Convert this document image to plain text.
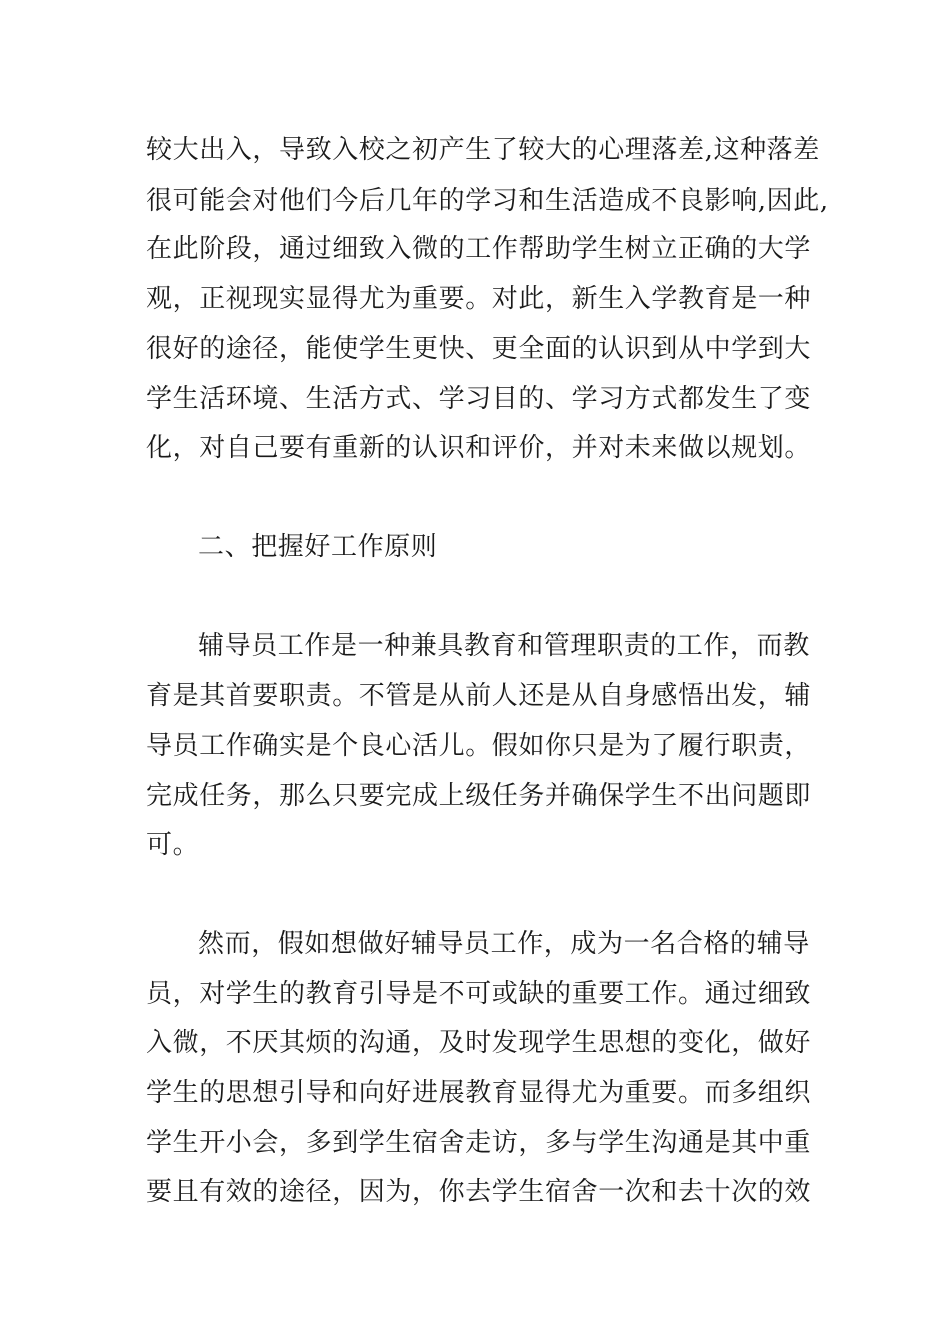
较大出入，导致入校之初产生了较大的心理落差,这种落差
很可能会对他们今后几年的学习和生活造成不良影响,因此,
在此阶段，通过细致入微的工作帮助学生树立正确的大学
观，正视现实显得尤为重要。对此，新生入学教育是一种
很好的途径，能使学生更快、更全面的认识到从中学到大
学生活环境、生活方式、学习目的、学习方式都发生了变
化，对自己要有重新的认识和评价，并对未来做以规划。
二、把握好工作原则
辅导员工作是一种兼具教育和管理职责的工作，而教
育是其首要职责。不管是从前人还是从自身感悟出发，辅
导员工作确实是个良心活儿。假如你只是为了履行职责，
完成任务，那么只要完成上级任务并确保学生不出问题即
可。
然而，假如想做好辅导员工作，成为一名合格的辅导
员，对学生的教育引导是不可或缺的重要工作。通过细致
入微，不厌其烦的沟通，及时发现学生思想的变化，做好
学生的思想引导和向好进展教育显得尤为重要。而多组织
学生开小会，多到学生宿舍走访，多与学生沟通是其中重
要且有效的途径，因为，你去学生宿舍一次和去十次的效
